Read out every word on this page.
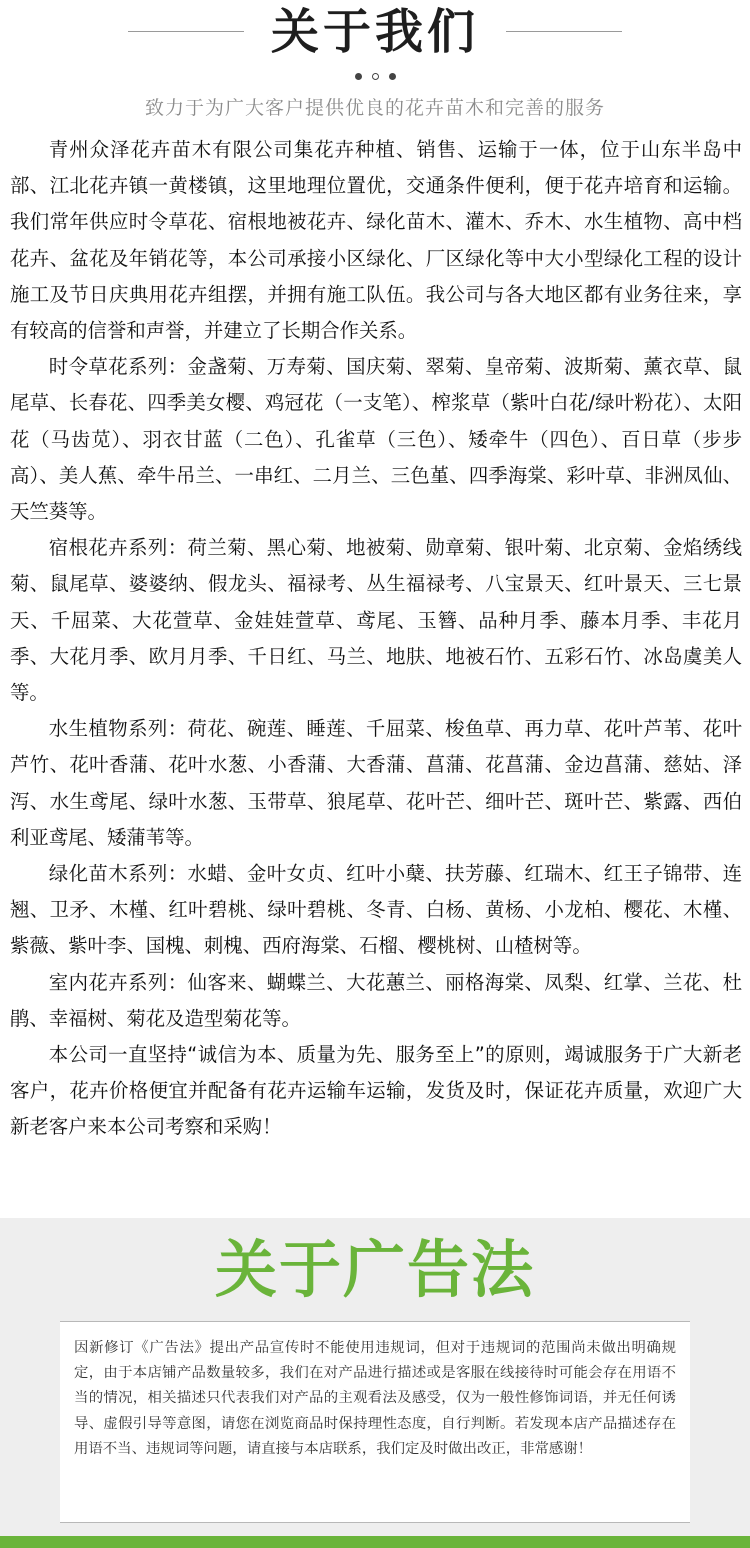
关于我们
致力于为广大客户提供优良的花卉苗木和完善的服务

青州众泽花卉苗木有限公司集花卉种植、销售、运输于一体，位于山东半岛中部、江北花卉镇一黄楼镇，这里地理位置优，交通条件便利，便于花卉培育和运输。我们常年供应时令草花、宿根地被花卉、绿化苗木、灌木、乔木、水生植物、高中档花卉、盆花及年销花等，本公司承接小区绿化、厂区绿化等中大小型绿化工程的设计施工及节日庆典用花卉组摆，并拥有施工队伍。我公司与各大地区都有业务往来，享有较高的信誉和声誉，并建立了长期合作关系。

时令草花系列：金盏菊、万寿菊、国庆菊、翠菊、皇帝菊、波斯菊、薰衣草、鼠尾草、长春花、四季美女樱、鸡冠花（一支笔）、榨浆草（紫叶白花/绿叶粉花）、太阳花（马齿苋）、羽衣甘蓝（二色）、孔雀草（三色）、矮牵牛（四色）、百日草（步步高）、美人蕉、牵牛吊兰、一串红、二月兰、三色堇、四季海棠、彩叶草、非洲凤仙、天竺葵等。

宿根花卉系列：荷兰菊、黑心菊、地被菊、勋章菊、银叶菊、北京菊、金焰绣线菊、鼠尾草、婆婆纳、假龙头、福禄考、丛生福禄考、八宝景天、红叶景天、三七景天、千屈菜、大花萱草、金娃娃萱草、鸢尾、玉簪、品种月季、藤本月季、丰花月季、大花月季、欧月月季、千日红、马兰、地肤、地被石竹、五彩石竹、冰岛虞美人等。

水生植物系列：荷花、碗莲、睡莲、千屈菜、梭鱼草、再力草、花叶芦苇、花叶芦竹、花叶香蒲、花叶水葱、小香蒲、大香蒲、菖蒲、花菖蒲、金边菖蒲、慈姑、泽泻、水生鸢尾、绿叶水葱、玉带草、狼尾草、花叶芒、细叶芒、斑叶芒、紫露、西伯利亚鸢尾、矮蒲苇等。

绿化苗木系列：水蜡、金叶女贞、红叶小蘖、扶芳藤、红瑞木、红王子锦带、连翘、卫矛、木槿、红叶碧桃、绿叶碧桃、冬青、白杨、黄杨、小龙柏、樱花、木槿、紫薇、紫叶李、国槐、刺槐、西府海棠、石榴、樱桃树、山楂树等。

室内花卉系列：仙客来、蝴蝶兰、大花蕙兰、丽格海棠、凤梨、红掌、兰花、杜鹃、幸福树、菊花及造型菊花等。

本公司一直坚持“诚信为本、质量为先、服务至上”的原则，竭诚服务于广大新老客户，花卉价格便宜并配备有花卉运输车运输，发货及时，保证花卉质量，欢迎广大新老客户来本公司考察和采购！

关于广告法
因新修订《广告法》提出产品宣传时不能使用违规词，但对于违规词的范围尚未做出明确规定，由于本店铺产品数量较多，我们在对产品进行描述或是客服在线接待时可能会存在用语不当的情况，相关描述只代表我们对产品的主观看法及感受，仅为一般性修饰词语，并无任何诱导、虚假引导等意图，请您在浏览商品时保持理性态度，自行判断。若发现本店产品描述存在用语不当、违规词等问题，请直接与本店联系，我们定及时做出改正，非常感谢！
